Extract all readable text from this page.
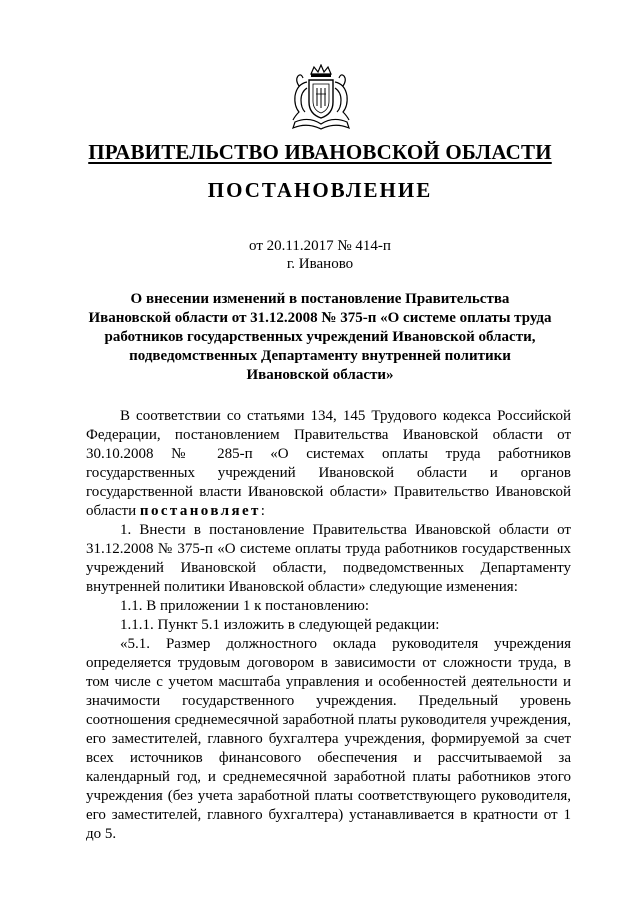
ПРАВИТЕЛЬСТВО ИВАНОВСКОЙ ОБЛАСТИ
ПОСТАНОВЛЕНИЕ
от 20.11.2017 № 414-п
г. Иваново
О внесении изменений в постановление Правительства
Ивановской области от 31.12.2008 № 375-п «О системе оплаты труда
работников государственных учреждений Ивановской области,
подведомственных Департаменту внутренней политики
Ивановской области»

В соответствии со статьями 134, 145 Трудового кодекса Российской Федерации, постановлением Правительства Ивановской области от 30.10.2008 № 285-п «О системах оплаты труда работников государственных учреждений Ивановской области и органов государственной власти Ивановской области» Правительство Ивановской области постановляет:

1. Внести в постановление Правительства Ивановской области от 31.12.2008 № 375-п «О системе оплаты труда работников государственных учреждений Ивановской области, подведомственных Департаменту внутренней политики Ивановской области» следующие изменения:

1.1. В приложении 1 к постановлению:

1.1.1. Пункт 5.1 изложить в следующей редакции:

«5.1. Размер должностного оклада руководителя учреждения определяется трудовым договором в зависимости от сложности труда, в том числе с учетом масштаба управления и особенностей деятельности и значимости государственного учреждения. Предельный уровень соотношения среднемесячной заработной платы руководителя учреждения, его заместителей, главного бухгалтера учреждения, формируемой за счет всех источников финансового обеспечения и рассчитываемой за календарный год, и среднемесячной заработной платы работников этого учреждения (без учета заработной платы соответствующего руководителя, его заместителей, главного бухгалтера) устанавливается в кратности от 1 до 5.
